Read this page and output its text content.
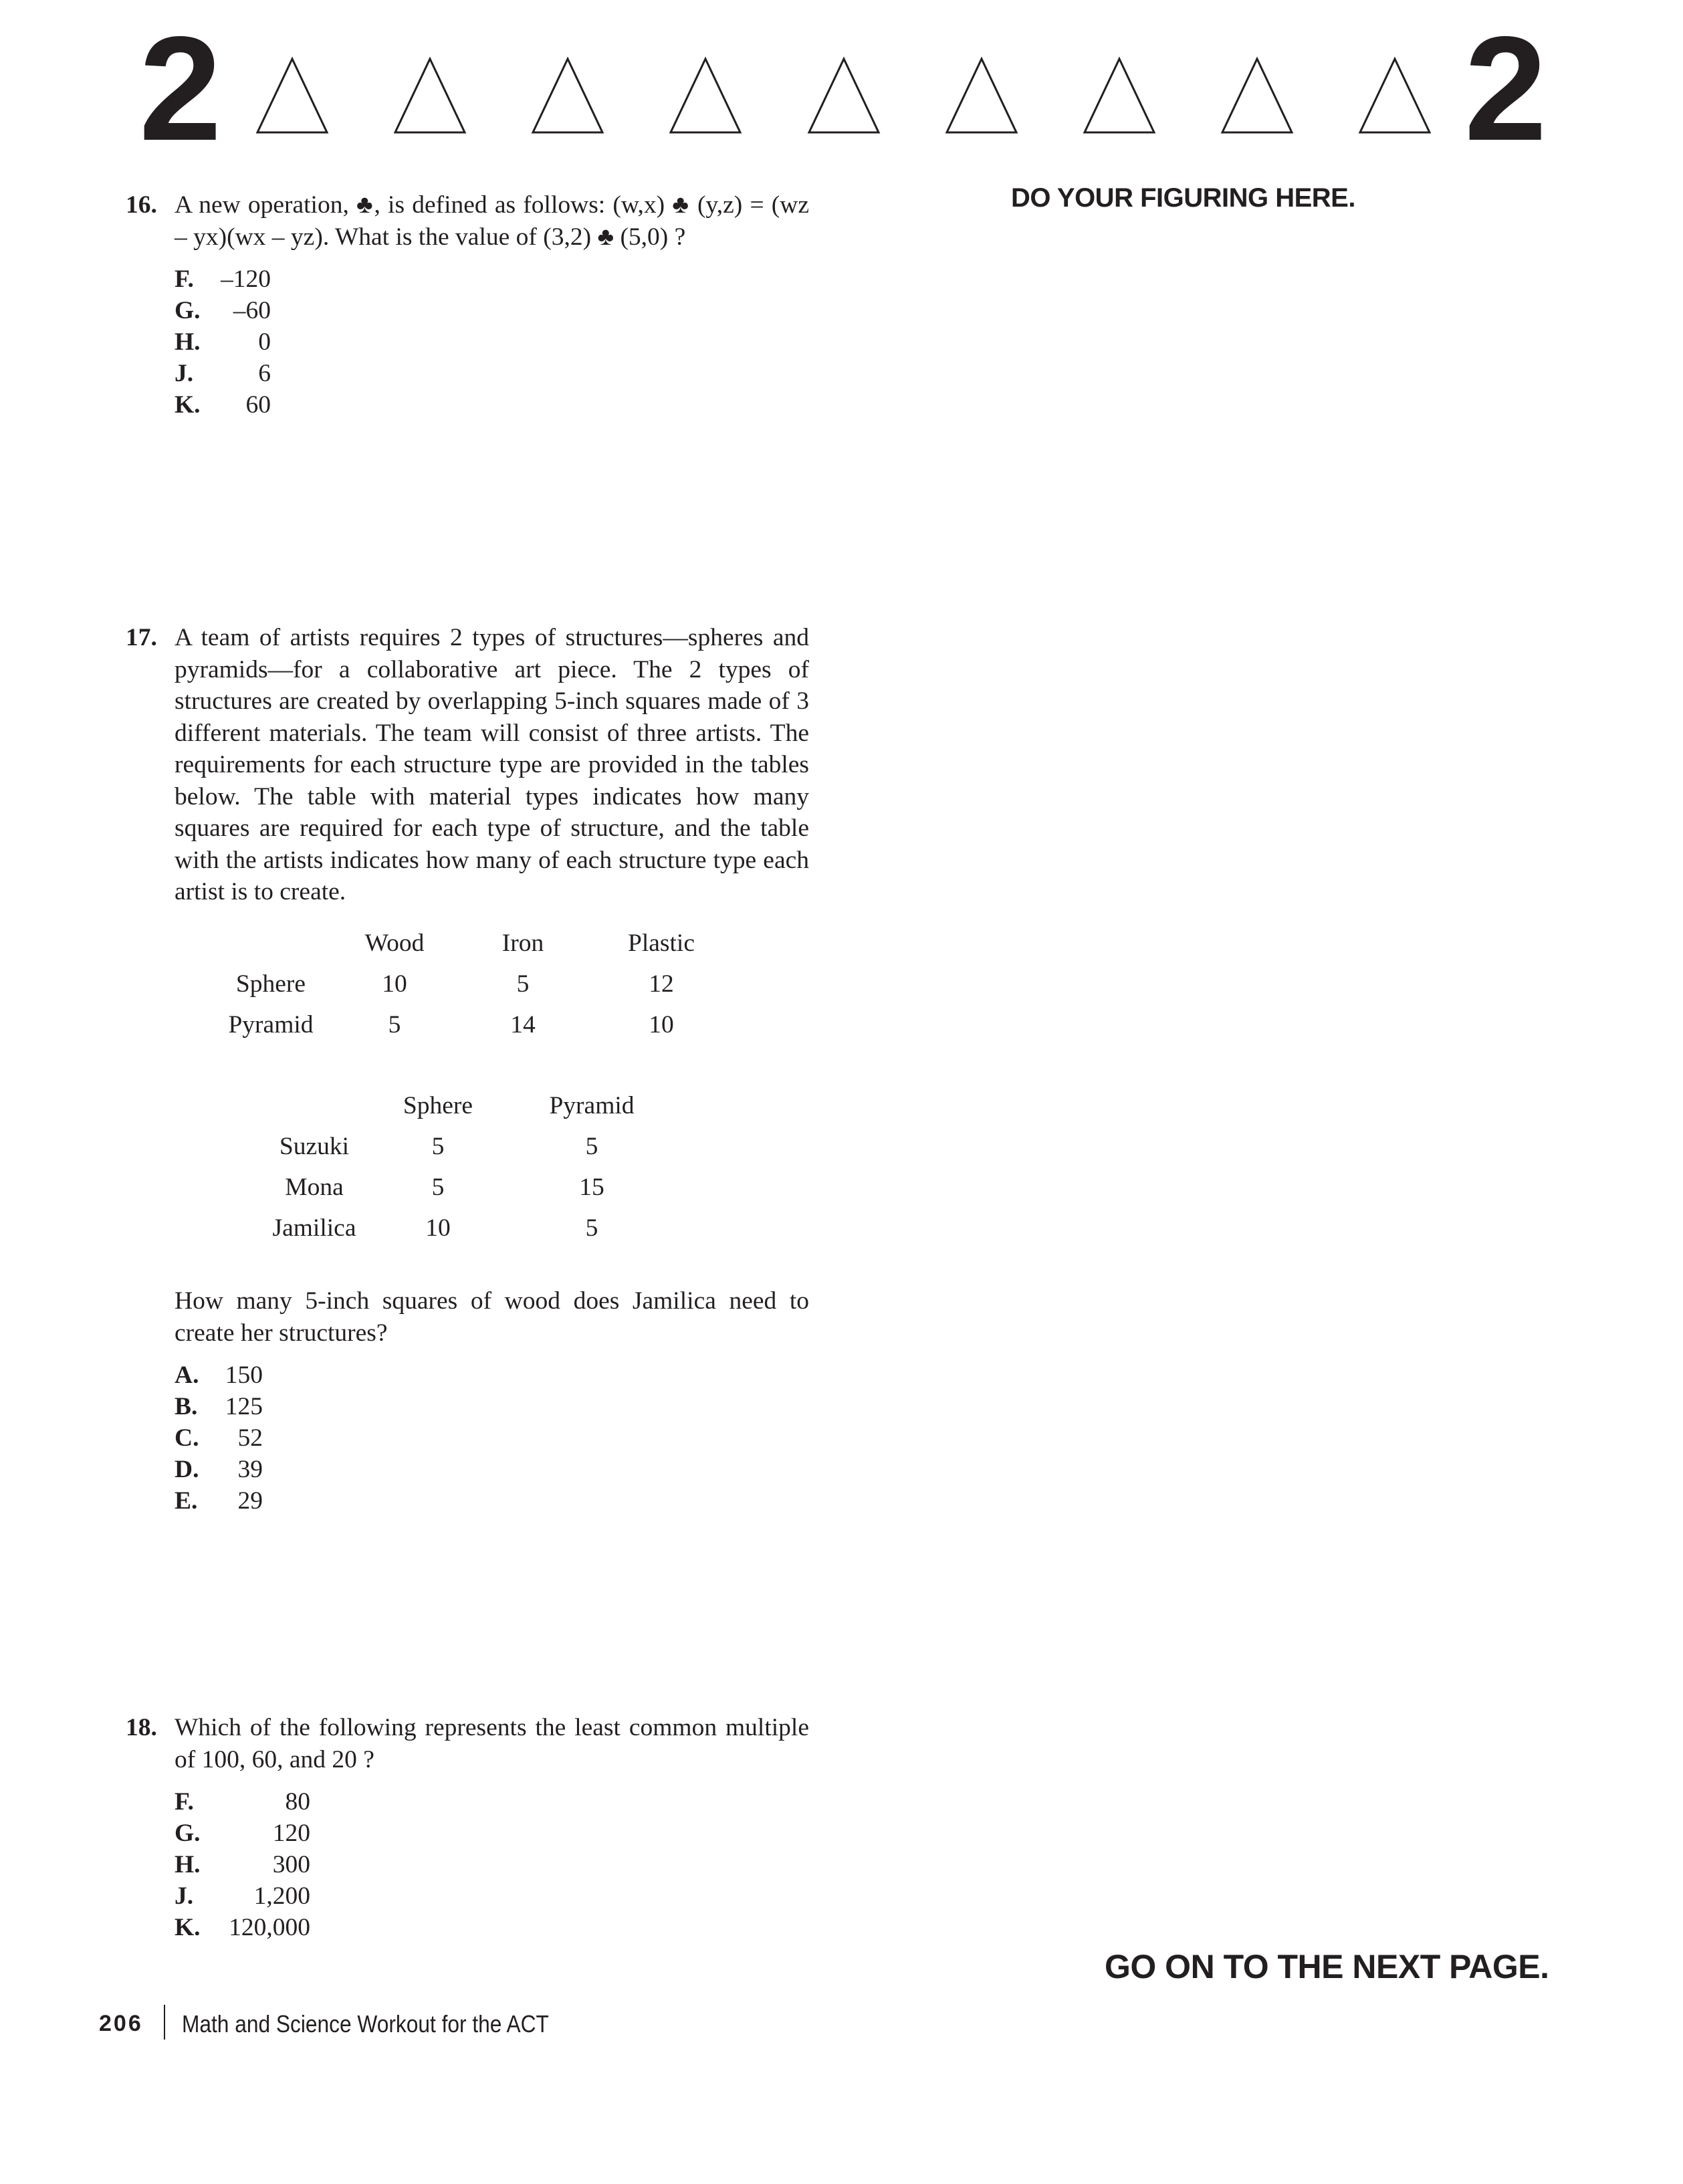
2	2
DO YOUR FIGURING HERE.
GO ON TO THE NEXT PAGE.
16. A new operation, ♣, is defined as follows: (w,x) ♣ (y,z) = (wz – yx)(wx – yz). What is the value of (3,2) ♣ (5,0) ?
F.	–120
G.	–60
H.	0
J.	6
K.	60
17. A team of artists requires 2 types of structures—spheres and pyramids—for a collaborative art piece. The 2 types of structures are created by overlapping 5-inch squares made of 3 different materials. The team will consist of three artists. The requirements for each structure type are provided in the tables below. The table with material types indicates how many squares are required for each type of structure, and the table with the artists indicates how many of each structure type each artist is to create.
	Wood	Iron	Plastic
Sphere	10	5	12
Pyramid	5	14	10
	Sphere	Pyramid
Suzuki	5	5
Mona	5	15
Jamilica	10	5
How many 5-inch squares of wood does Jamilica need to create her structures?
A.	150
B.	125
C.	52
D.	39
E.	29
18. Which of the following represents the least common multiple of 100, 60, and 20 ?
F.	80
G.	120
H.	300
J.	1,200
K.	120,000
206 Math and Science Workout for the ACT
